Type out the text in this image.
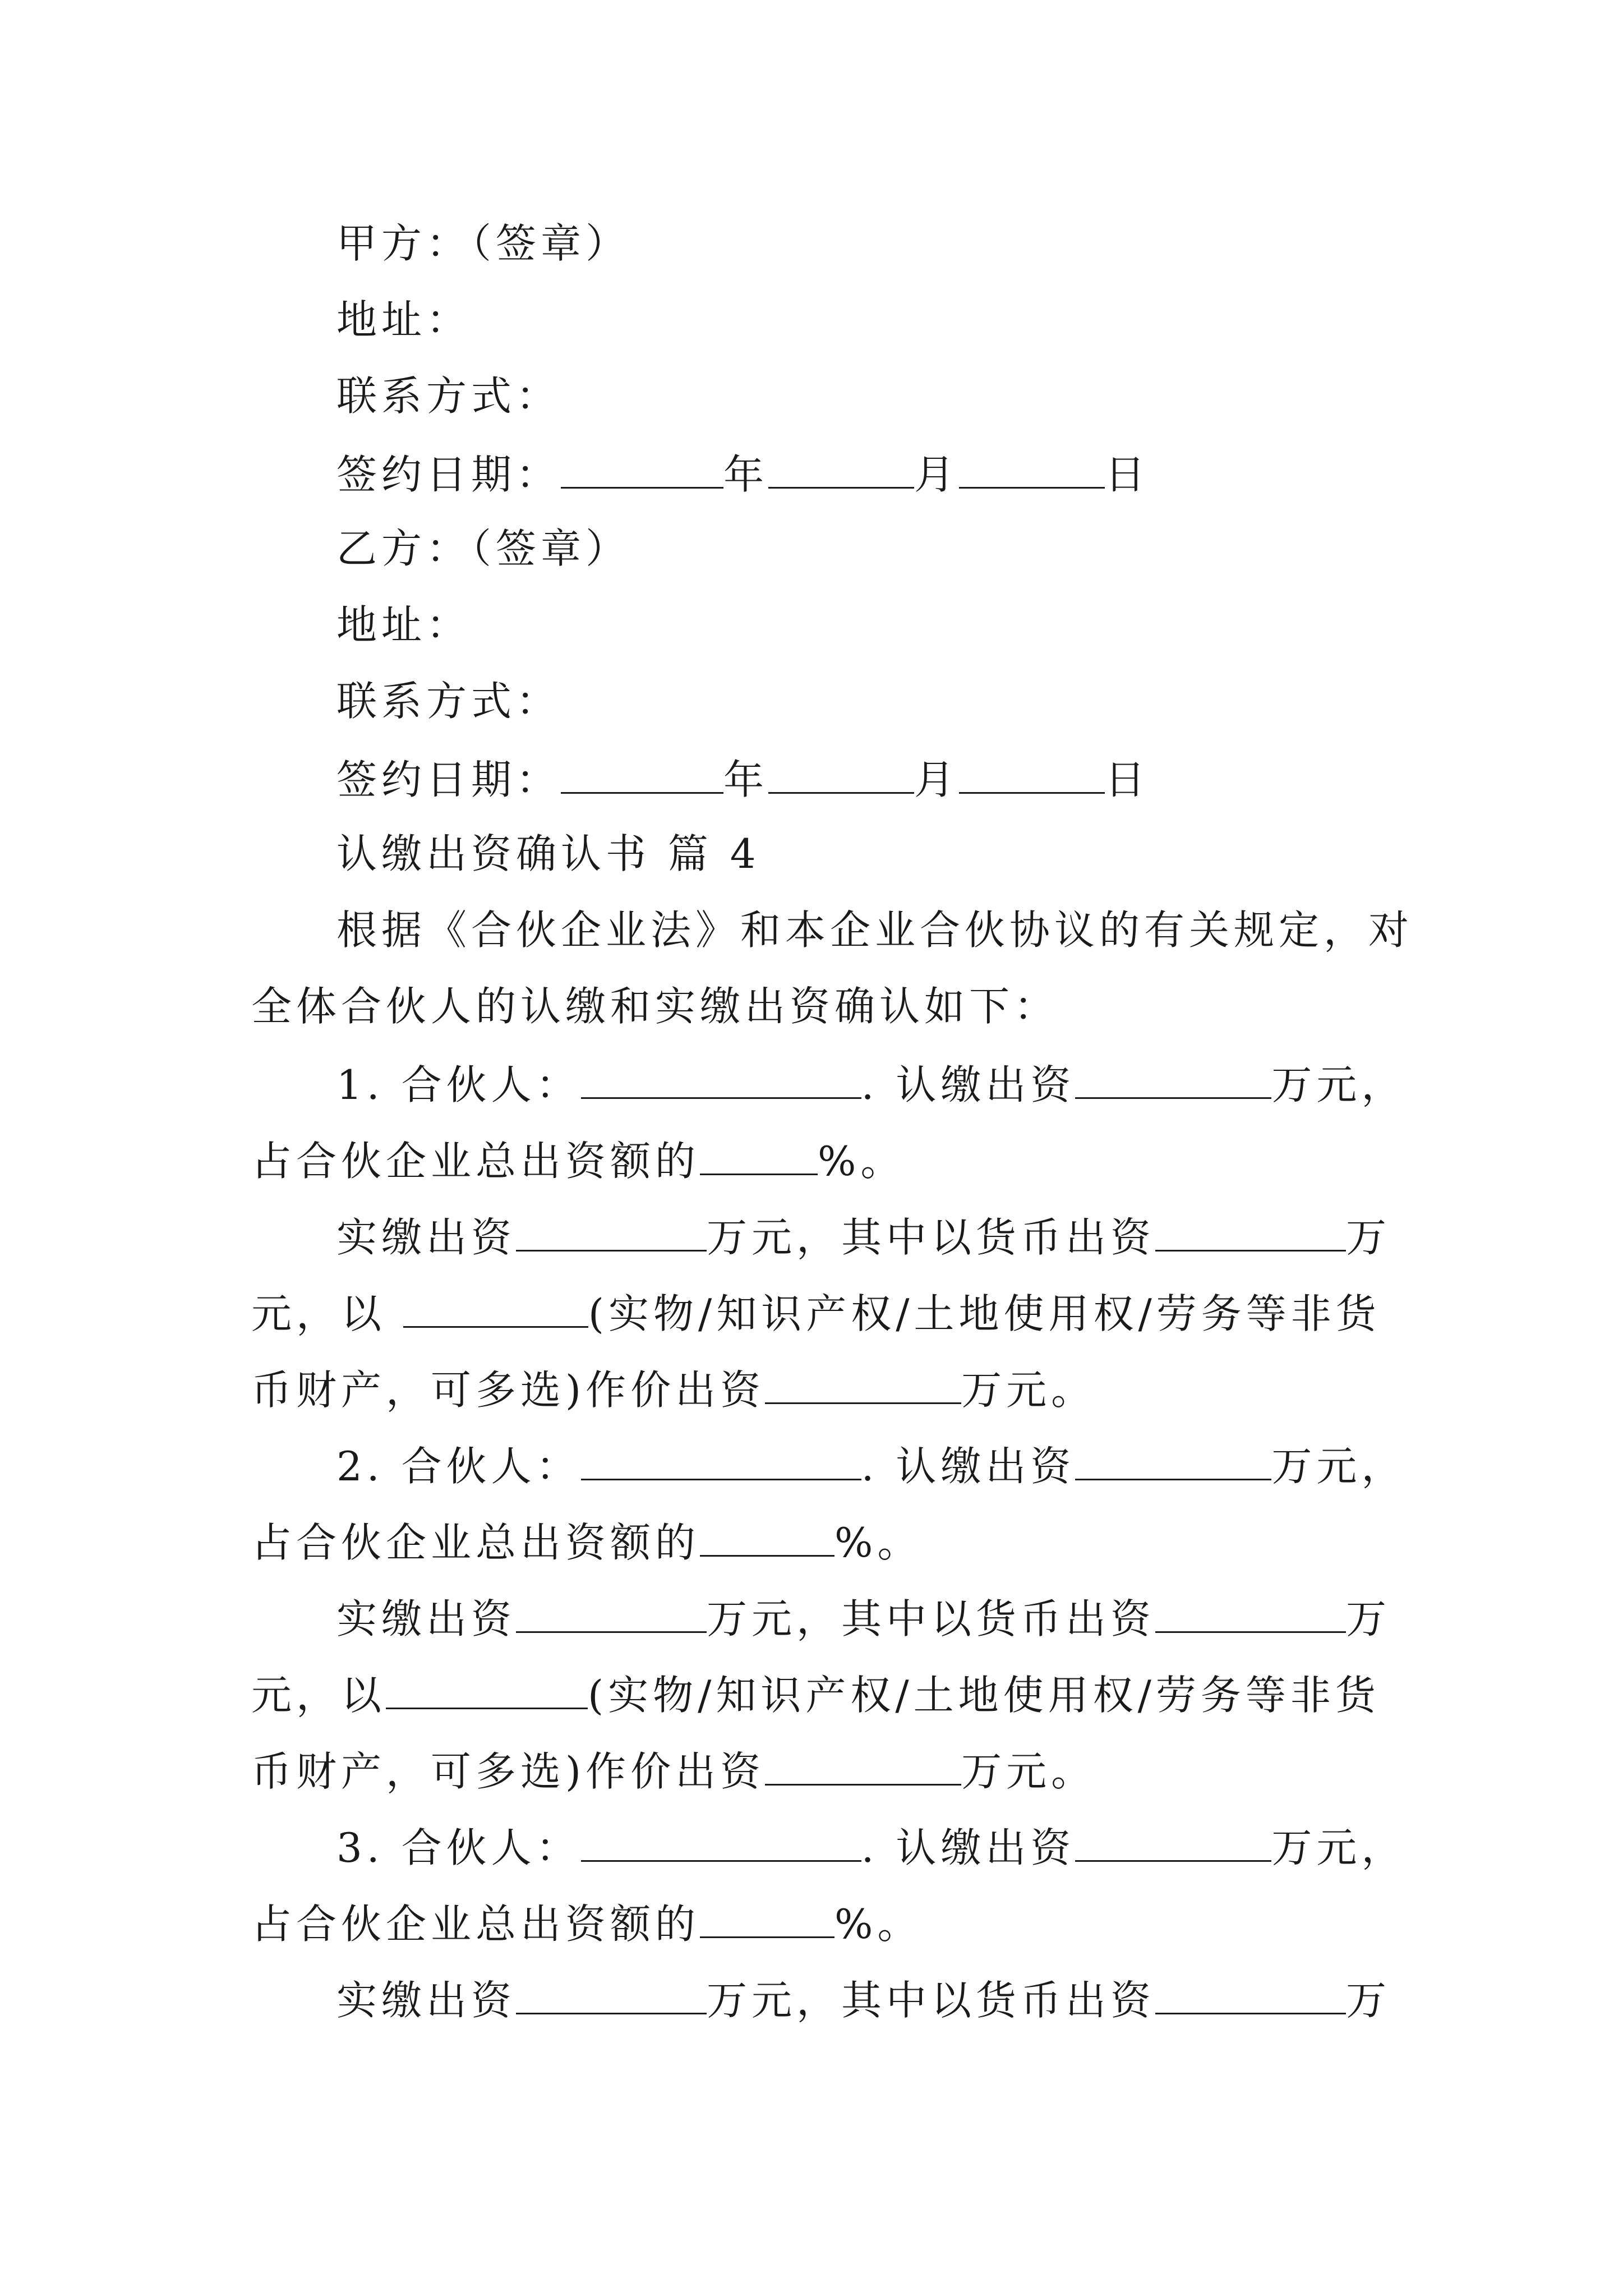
甲方：（签章）
地址：
联系方式：
签约日期：	年	月	日
乙方：（签章）
地址：
联系方式：
签约日期：	年	月	日
认缴出资确认书 篇 4
根据《合伙企业法》和本企业合伙协议的有关规定，对
全体合伙人的认缴和实缴出资确认如下：
1. 合伙人：	. 认缴出资	万元，
占合伙企业总出资额的	%。
实缴出资	万元，其中以货币出资	万
元，以	(实物/知识产权/土地使用权/劳务等非货
币财产，可多选)作价出资	万元。
2. 合伙人：	. 认缴出资	万元，
占合伙企业总出资额的	%。
实缴出资	万元，其中以货币出资	万
元，以	(实物/知识产权/土地使用权/劳务等非货
币财产，可多选)作价出资	万元。
3. 合伙人：	. 认缴出资	万元，
占合伙企业总出资额的	%。
实缴出资	万元，其中以货币出资	万
